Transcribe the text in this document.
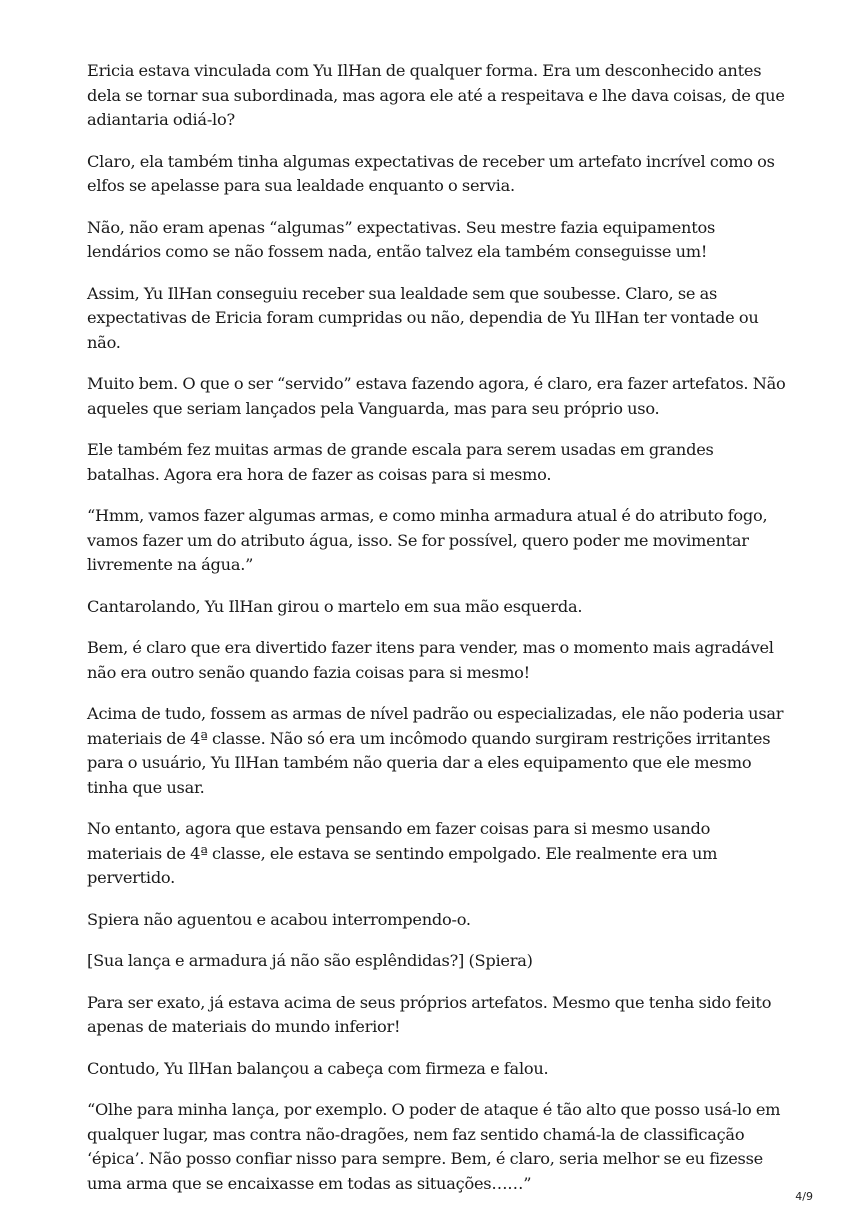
Ericia estava vinculada com Yu IlHan de qualquer forma. Era um desconhecido antes dela se tornar sua subordinada, mas agora ele até a respeitava e lhe dava coisas, de que adiantaria odiá-lo?

Claro, ela também tinha algumas expectativas de receber um artefato incrível como os elfos se apelasse para sua lealdade enquanto o servia.

Não, não eram apenas “algumas” expectativas. Seu mestre fazia equipamentos lendários como se não fossem nada, então talvez ela também conseguisse um!

Assim, Yu IlHan conseguiu receber sua lealdade sem que soubesse. Claro, se as expectativas de Ericia foram cumpridas ou não, dependia de Yu IlHan ter vontade ou não.

Muito bem. O que o ser “servido” estava fazendo agora, é claro, era fazer artefatos. Não aqueles que seriam lançados pela Vanguarda, mas para seu próprio uso.

Ele também fez muitas armas de grande escala para serem usadas em grandes batalhas. Agora era hora de fazer as coisas para si mesmo.

“Hmm, vamos fazer algumas armas, e como minha armadura atual é do atributo fogo, vamos fazer um do atributo água, isso. Se for possível, quero poder me movimentar livremente na água.”

Cantarolando, Yu IlHan girou o martelo em sua mão esquerda.

Bem, é claro que era divertido fazer itens para vender, mas o momento mais agradável não era outro senão quando fazia coisas para si mesmo!

Acima de tudo, fossem as armas de nível padrão ou especializadas, ele não poderia usar materiais de 4ª classe. Não só era um incômodo quando surgiram restrições irritantes para o usuário, Yu IlHan também não queria dar a eles equipamento que ele mesmo tinha que usar.

No entanto, agora que estava pensando em fazer coisas para si mesmo usando materiais de 4ª classe, ele estava se sentindo empolgado. Ele realmente era um pervertido.

Spiera não aguentou e acabou interrompendo-o.

[Sua lança e armadura já não são esplêndidas?] (Spiera)

Para ser exato, já estava acima de seus próprios artefatos. Mesmo que tenha sido feito apenas de materiais do mundo inferior!

Contudo, Yu IlHan balançou a cabeça com firmeza e falou.

“Olhe para minha lança, por exemplo. O poder de ataque é tão alto que posso usá-lo em qualquer lugar, mas contra não-dragões, nem faz sentido chamá-la de classificação ‘épica’. Não posso confiar nisso para sempre. Bem, é claro, seria melhor se eu fizesse uma arma que se encaixasse em todas as situações……”

4/9
